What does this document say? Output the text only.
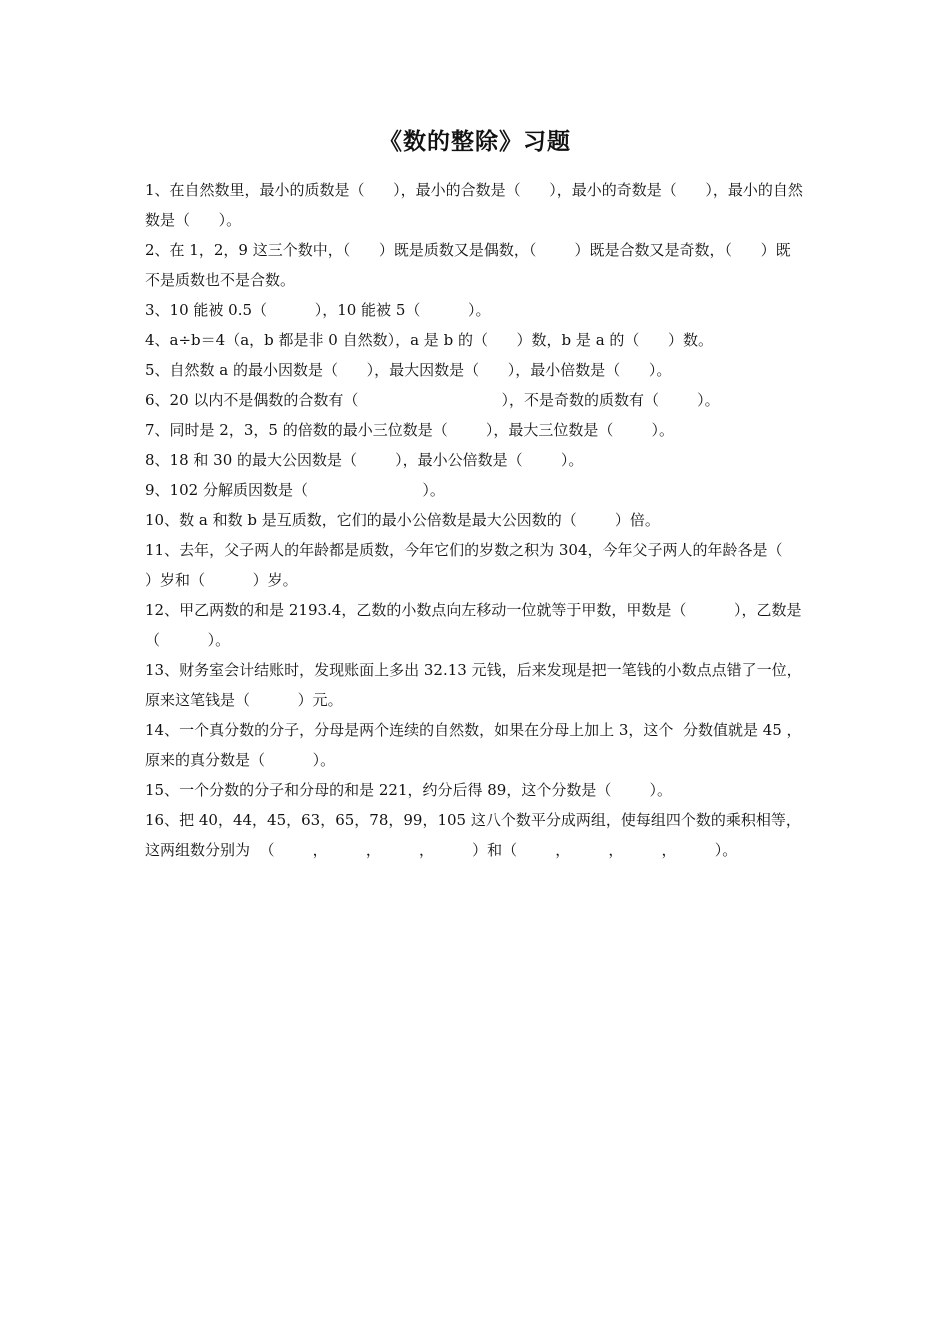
《数的整除》习题
1、在自然数里，最小的质数是（      ），最小的合数是（      ），最小的奇数是（      ），最小的自然数是（      ）。
2、在 1，2，9 这三个数中，（      ）既是质数又是偶数，（        ）既是合数又是奇数，（      ）既不是质数也不是合数。
3、10 能被 0.5（          ），10 能被 5（          ）。
4、a÷b＝4（a，b 都是非 0 自然数），a 是 b 的（      ）数，b 是 a 的（      ）数。
5、自然数 a 的最小因数是（      ），最大因数是（      ），最小倍数是（      ）。
6、20 以内不是偶数的合数有（                              ），不是奇数的质数有（        ）。
7、同时是 2，3，5 的倍数的最小三位数是（        ），最大三位数是（        ）。
8、18 和 30 的最大公因数是（        ），最小公倍数是（        ）。
9、102 分解质因数是（                        ）。
10、数 a 和数 b 是互质数，它们的最小公倍数是最大公因数的（        ）倍。
11、去年，父子两人的年龄都是质数，今年它们的岁数之积为 304，今年父子两人的年龄各是（        ）岁和（          ）岁。
12、甲乙两数的和是 2193.4，乙数的小数点向左移动一位就等于甲数，甲数是（          ），乙数是（          ）。
13、财务室会计结账时，发现账面上多出 32.13 元钱，后来发现是把一笔钱的小数点点错了一位，原来这笔钱是（          ）元。
14、一个真分数的分子，分母是两个连续的自然数，如果在分母上加上 3，这个  分数值就是 45 ，原来的真分数是（          ）。
15、一个分数的分子和分母的和是 221，约分后得 89，这个分数是（        ）。
16、把 40，44，45，63，65，78，99，105 这八个数平分成两组，使每组四个数的乘积相等，这两组数分别为  （        ，        ，        ，        ）和（        ，        ，        ，        ）。
